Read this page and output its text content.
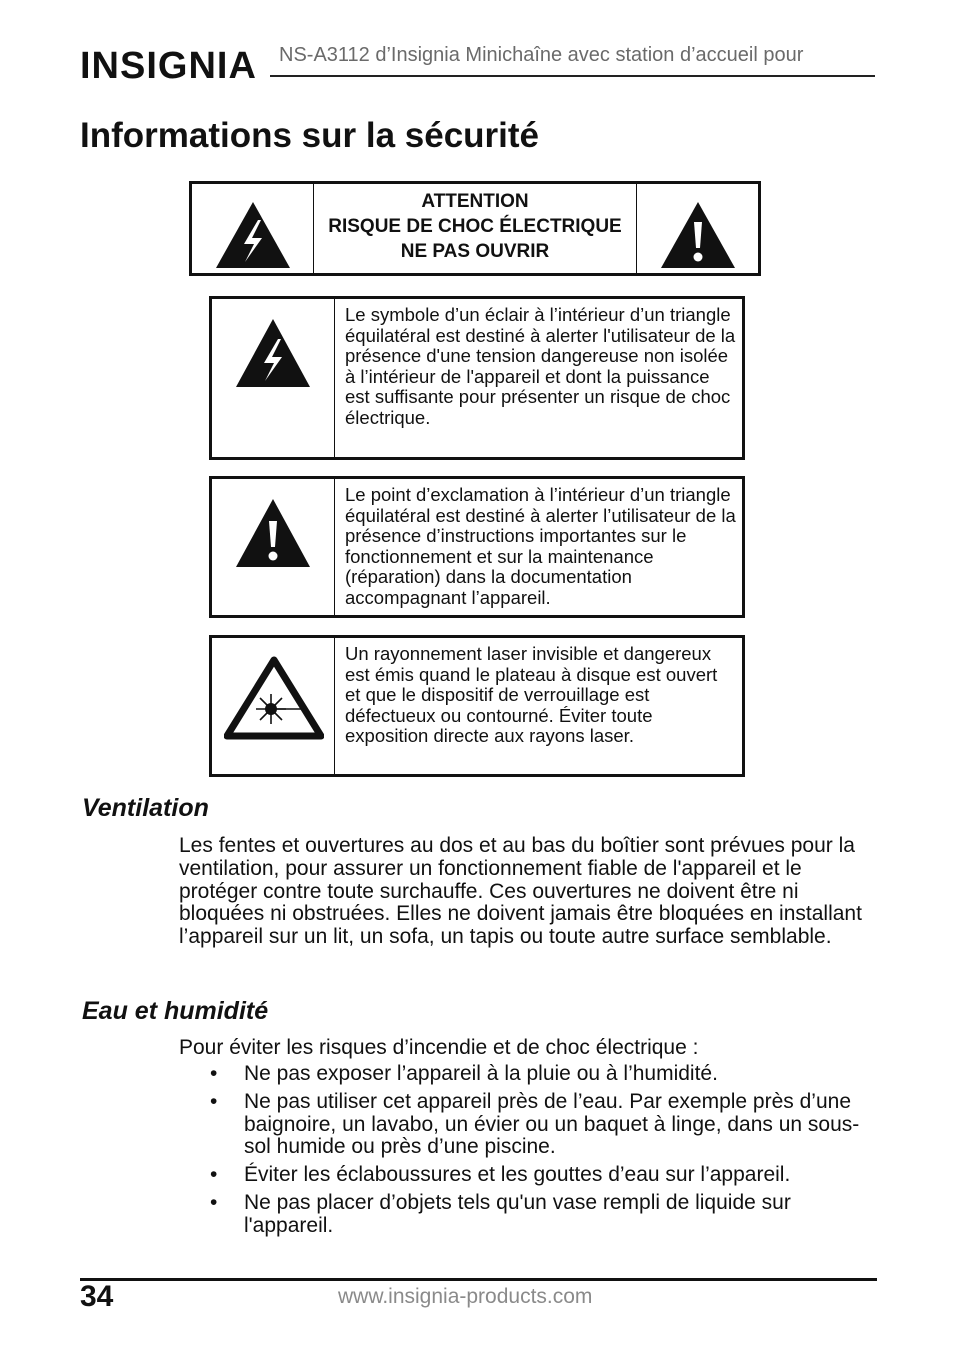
INSIGNIA NS-A3112 d’Insignia Minichaîne avec station d’accueil pour
Informations sur la sécurité
ATTENTION
RISQUE DE CHOC ÉLECTRIQUE
NE PAS OUVRIR
Le symbole d’un éclair à l’intérieur d’un triangle équilatéral est destiné à alerter l'utilisateur de la présence d'une tension dangereuse non isolée à l’intérieur de l'appareil et dont la puissance est suffisante pour présenter un risque de choc électrique.
Le point d’exclamation à l’intérieur d’un triangle équilatéral est destiné à alerter l’utilisateur de la présence d’instructions importantes sur le fonctionnement et sur la maintenance (réparation) dans la documentation accompagnant l’appareil.
Un rayonnement laser invisible et dangereux est émis quand le plateau à disque est ouvert et que le dispositif de verrouillage est défectueux ou contourné. Éviter toute exposition directe aux rayons laser.
Ventilation
Les fentes et ouvertures au dos et au bas du boîtier sont prévues pour la ventilation, pour assurer un fonctionnement fiable de l'appareil et le protéger contre toute surchauffe. Ces ouvertures ne doivent être ni bloquées ni obstruées. Elles ne doivent jamais être bloquées en installant l’appareil sur un lit, un sofa, un tapis ou toute autre surface semblable.
Eau et humidité
Pour éviter les risques d’incendie et de choc électrique :
• Ne pas exposer l’appareil à la pluie ou à l’humidité.
• Ne pas utiliser cet appareil près de l’eau. Par exemple près d’une baignoire, un lavabo, un évier ou un baquet à linge, dans un sous-sol humide ou près d’une piscine.
• Éviter les éclaboussures et les gouttes d’eau sur l’appareil.
• Ne pas placer d’objets tels qu'un vase rempli de liquide sur l'appareil.
34	www.insignia-products.com
